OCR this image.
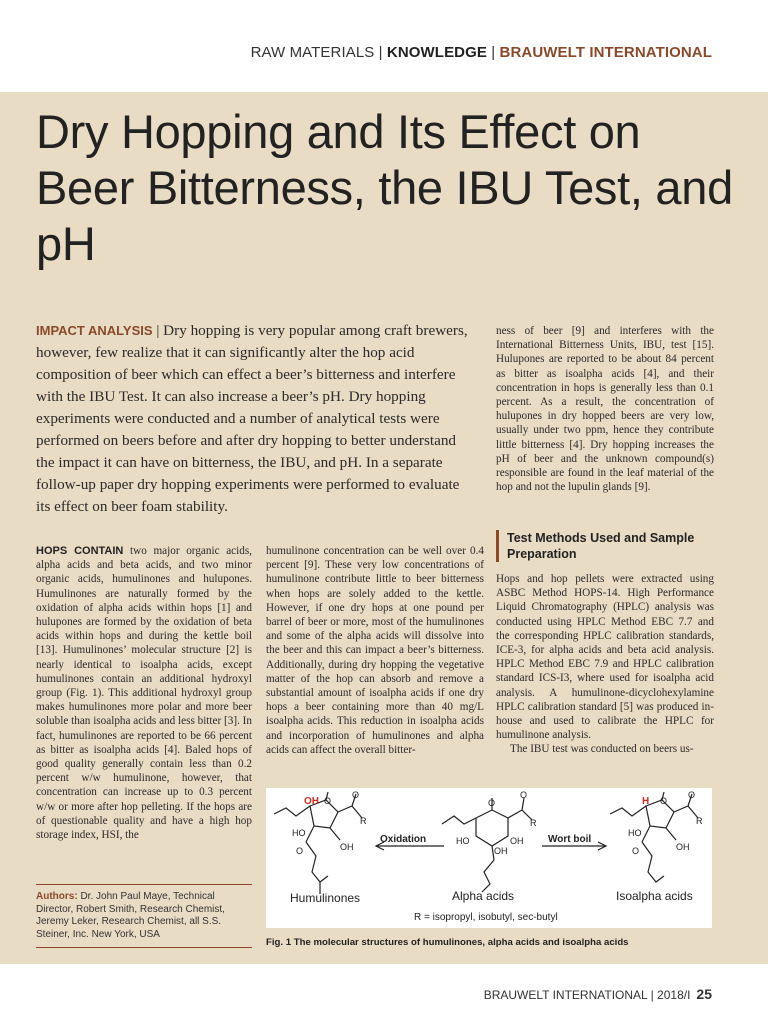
RAW MATERIALS | KNOWLEDGE | BRAUWELT INTERNATIONAL
Dry Hopping and Its Effect on Beer Bitterness, the IBU Test, and pH

IMPACT ANALYSIS | Dry hopping is very popular among craft brewers, however, few realize that it can significantly alter the hop acid composition of beer which can effect a beer’s bitterness and interfere with the IBU Test. It can also increase a beer’s pH. Dry hopping experiments were conducted and a number of analytical tests were performed on beers before and after dry hopping to better understand the impact it can have on bitterness, the IBU, and pH. In a separate follow-up paper dry hopping experiments were performed to evaluate its effect on beer foam stability.

HOPS CONTAIN two major organic acids, alpha acids and beta acids, and two minor organic acids, humulinones and hulupones. Humulinones are naturally formed by the oxidation of alpha acids within hops [1] and hulupones are formed by the oxidation of beta acids within hops and during the kettle boil [13]. Humulinones’ molecular structure [2] is nearly identical to isoalpha acids, except humulinones contain an additional hydroxyl group (Fig. 1). This additional hydroxyl group makes humulinones more polar and more beer soluble than isoalpha acids and less bitter [3]. In fact, humulinones are reported to be 66 percent as bitter as isoalpha acids [4]. Baled hops of good quality generally contain less than 0.2 percent w/w humulinone, however, that concentration can increase up to 0.3 percent w/w or more after hop pelleting. If the hops are of questionable quality and have a high hop storage index, HSI, the

humulinone concentration can be well over 0.4 percent [9]. These very low concentrations of humulinone contribute little to beer bitterness when hops are solely added to the kettle. However, if one dry hops at one pound per barrel of beer or more, most of the humulinones and some of the alpha acids will dissolve into the beer and this can impact a beer’s bitterness. Additionally, during dry hopping the vegetative matter of the hop can absorb and remove a substantial amount of isoalpha acids if one dry hops a beer containing more than 40 mg/L isoalpha acids. This reduction in isoalpha acids and incorporation of humulinones and alpha acids can affect the overall bitter-

ness of beer [9] and interferes with the International Bitterness Units, IBU, test [15]. Hulupones are reported to be about 84 percent as bitter as isoalpha acids [4], and their concentration in hops is generally less than 0.1 percent. As a result, the concentration of hulupones in dry hopped beers are very low, usually under two ppm, hence they contribute little bitterness [4]. Dry hopping increases the pH of beer and the unknown compound(s) responsible are found in the leaf material of the hop and not the lupulin glands [9].

Test Methods Used and Sample Preparation

Hops and hop pellets were extracted using ASBC Method HOPS-14. High Performance Liquid Chromatography (HPLC) analysis was conducted using HPLC Method EBC 7.7 and the corresponding HPLC calibration standards, ICE-3, for alpha acids and beta acid analysis. HPLC Method EBC 7.9 and HPLC calibration standard ICS-I3, where used for isoalpha acid analysis. A humulinone-dicyclohexylamine HPLC calibration standard [5] was produced in-house and used to calibrate the HPLC for humulinone analysis.

The IBU test was conducted on beers us-

Authors: Dr. John Paul Maye, Technical Director, Robert Smith, Research Chemist, Jeremy Leker, Research Chemist, all S.S. Steiner, Inc. New York, USA
OH O
O
R
HO
OH
O
Oxidation
O
O
R
HO	OH
OH
Wort boil
H O
O
R
HO
OH
O
Humulinones	Alpha acids	Isoalpha acids
R = isopropyl, isobutyl, sec-butyl
Fig. 1 The molecular structures of humulinones, alpha acids and isoalpha acids
BRAUWELT INTERNATIONAL | 2018/I 25
